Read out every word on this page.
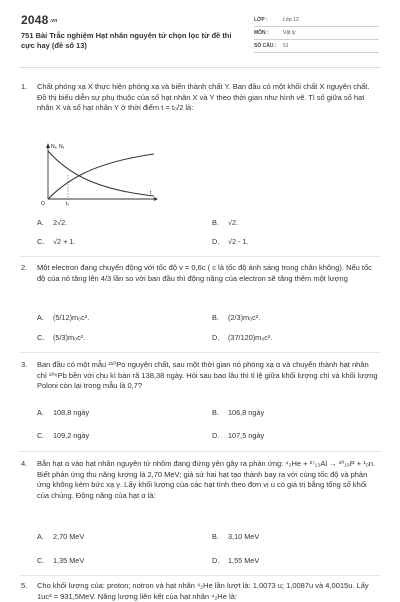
2048.vn
751 Bài Trắc nghiệm Hạt nhân nguyên tử chọn lọc từ đề thi cực hay (đề số 13)
LỚP :	Lớp 12
MÔN :	Vật lý
SỐ CÂU : 51
1. Chất phóng xạ X thực hiện phóng xạ và biến thành chất Y. Ban đầu có một khối chất X nguyên chất. Đồ thị biểu diễn sự phụ thuộc của số hạt nhân X và Y theo thời gian như hình vẽ. Tỉ số giữa số hạt nhân X và số hạt nhân Y ở thời điểm t = t₀/2 là:
Nₓ, Nᵧ
O	t₀
t
A. 2√2.	B. √2.
C. √2 + 1.	D. √2 - 1.
2. Một electron đang chuyển động với tốc độ v = 0,6c ( c là tốc độ ánh sáng trong chân không). Nếu tốc độ của nó tăng lên 4/3 lần so với ban đầu thì động năng của electron sẽ tăng thêm một lượng
A. (5/12)m₀c².	B. (2/3)m₀c².
C. (5/3)m₀c².	D. (37/120)m₀c².
3. Ban đầu có một mẫu ²¹⁰Po nguyên chất, sau một thời gian nó phóng xạ α và chuyển thành hạt nhân chì ²⁰⁶Pb bền với chu kì bán rã 138,38 ngày. Hỏi sau bao lâu thì tỉ lệ giữa khối lượng chì và khối lượng Poloni còn lại trong mẫu là 0,7?
A. 108,8 ngày	B. 106,8 ngày
C. 109,2 ngày	D. 107,5 ngày
4. Bắn hạt α vào hạt nhân nguyên tử nhôm đang đứng yên gây ra phản ứng: ⁴₂He + ²⁷₁₃Al → ³⁰₁₅P + ¹₀n. Biết phản ứng thu năng lượng là 2,70 MeV; giả sử hai hạt tạo thành bay ra với cùng tốc độ và phản ứng không kèm bức xạ γ. Lấy khối lượng của các hạt tính theo đơn vị u có giá trị bằng tổng số khối của chúng. Động năng của hạt α là:
A. 2,70 MeV	B. 3,10 MeV
C. 1,35 MeV	D. 1,55 MeV
5. Cho khối lượng của: proton; notron và hạt nhân ⁴₂He lần lượt là: 1,0073 u; 1,0087u và 4,0015u. Lấy 1uc² = 931,5MeV. Năng lượng liên kết của hạt nhân ⁴₂He là:
